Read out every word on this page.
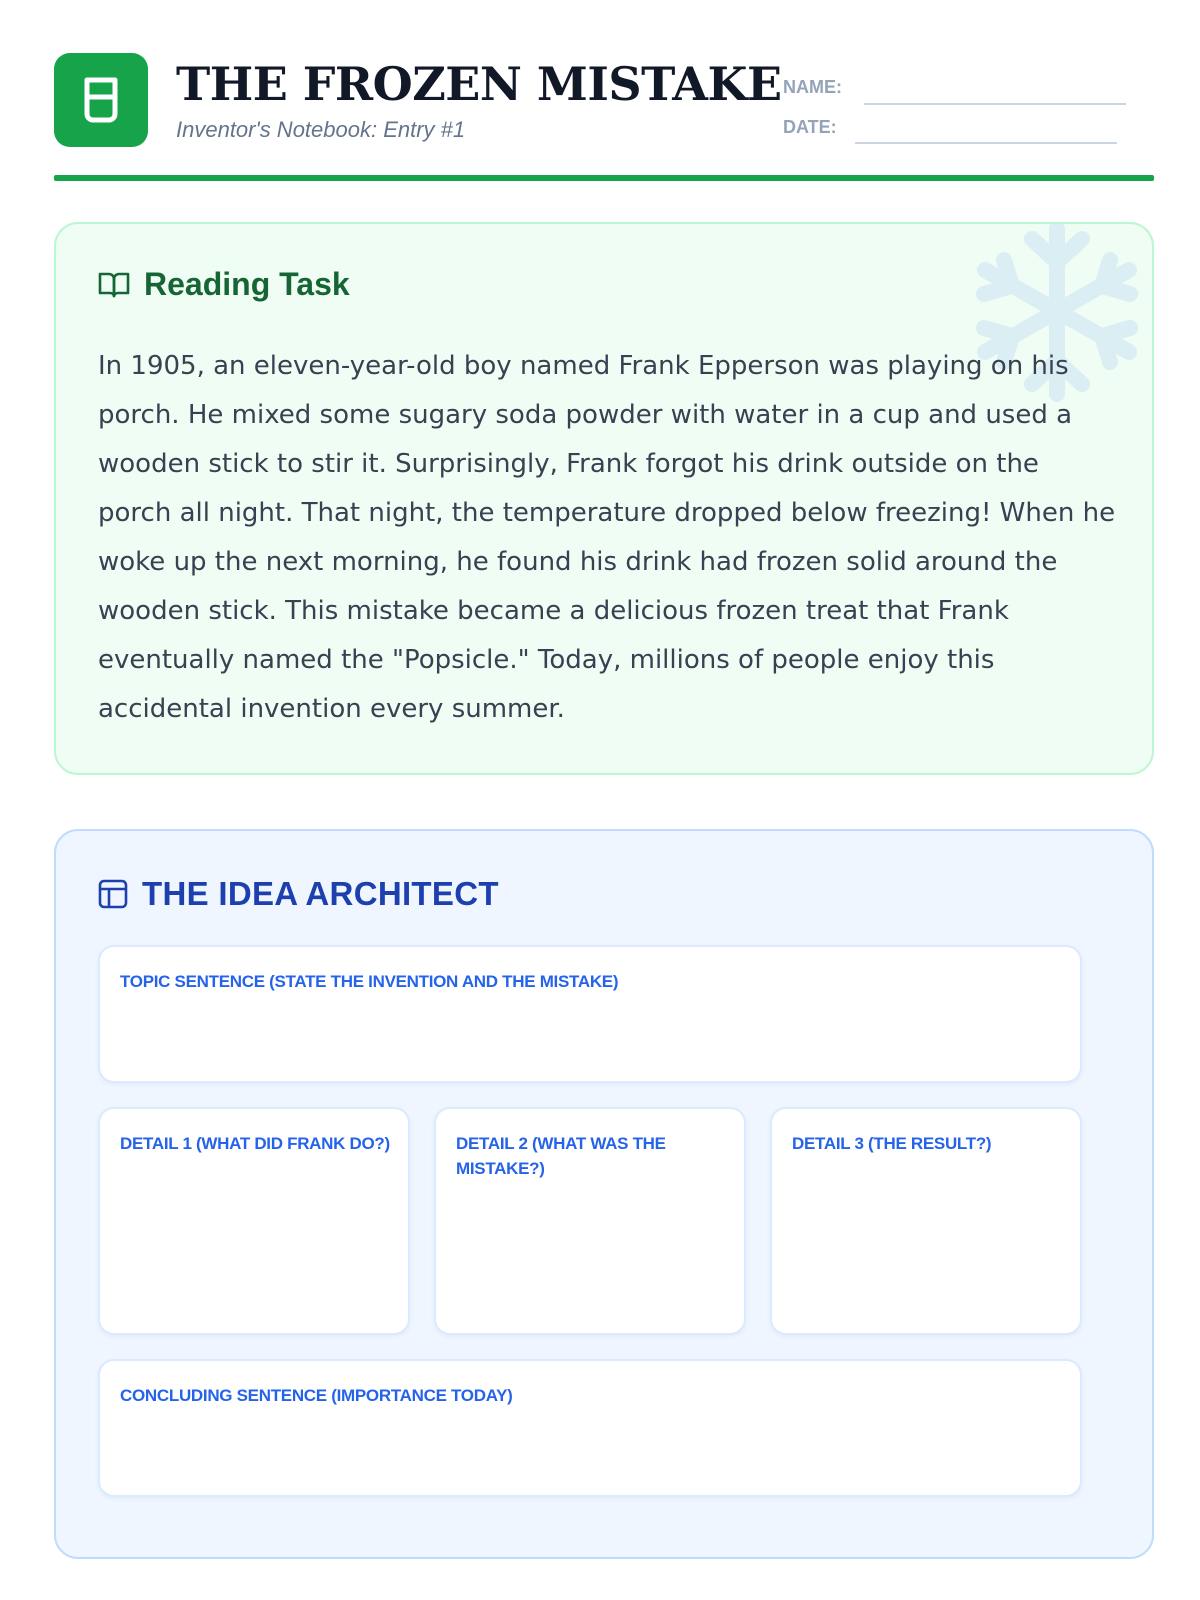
THE FROZEN MISTAKE
Inventor's Notebook: Entry #1
NAME:
DATE:
Reading Task

In 1905, an eleven-year-old boy named Frank Epperson was playing on his porch. He mixed some sugary soda powder with water in a cup and used a wooden stick to stir it. Surprisingly, Frank forgot his drink outside on the porch all night. That night, the temperature dropped below freezing! When he woke up the next morning, he found his drink had frozen solid around the wooden stick. This mistake became a delicious frozen treat that Frank eventually named the "Popsicle." Today, millions of people enjoy this accidental invention every summer.

THE IDEA ARCHITECT
TOPIC SENTENCE (STATE THE INVENTION AND THE MISTAKE)
DETAIL 1 (WHAT DID FRANK DO?)	DETAIL 2 (WHAT WAS THE MISTAKE?)
DETAIL 3 (THE RESULT?)
CONCLUDING SENTENCE (IMPORTANCE TODAY)
